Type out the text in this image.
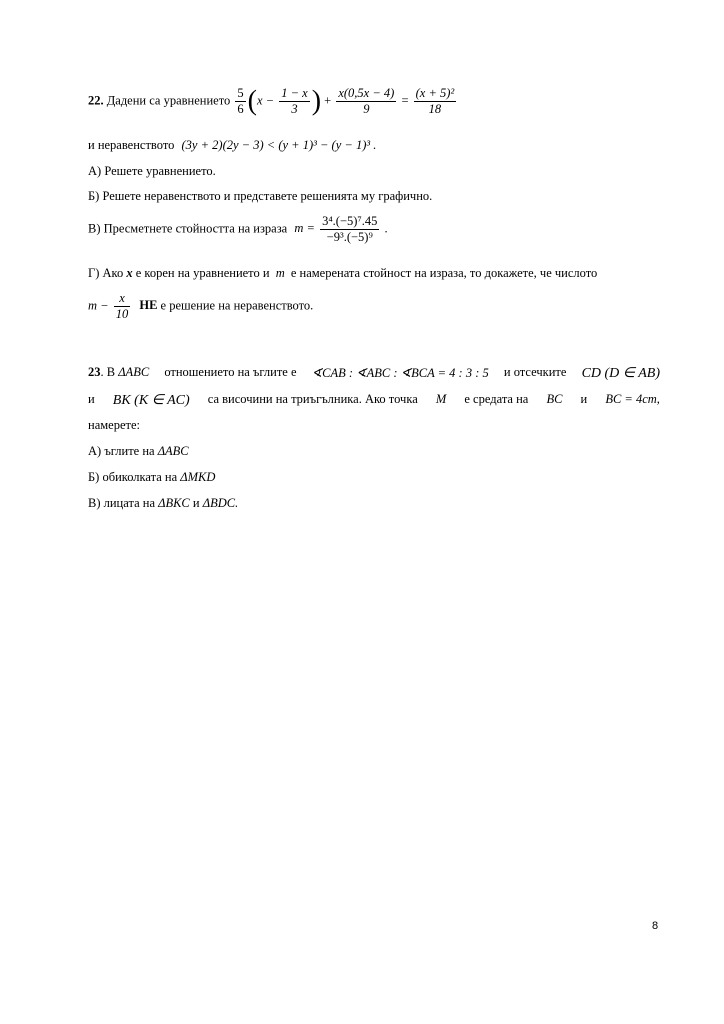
22. Дадени са уравнението $\frac{5}{6} (x - \frac{1 - x}{3}$ ) + $\frac{x(0,5x - 4)}{9} = \frac{\text{(x + 5)²}}{18}$
и неравенството (3y + 2)(2y − 3) < (y + 1)³ − (y − 1)³ .
А) Решете уравнението.
Б) Решете неравенството и представете решенията му графично.
В) Пресметнете стойността на израза $m = \frac{\text{3⁴.(−5)⁷.45}}{\text{−9³.(−5)⁹}}$ .
Г) Ако x е корен на уравнението и m е намерената стойност на израза, то докажете, че числото
$m - \frac{x}{10}$ НЕ е решение на неравенството.
23. В ΔABC отношението на ъглите е ∢CAB : ∢ABC : ∢BCA = 4 : 3 : 5 и отсечките CD (D ∈ AB)
и BK (K ∈ AC) са височини на триъгълника. Ако точка M е средата на BC и BC = 4cm,
намерете:
А) ъглите на ΔABC
Б) обиколката на ΔMKD
В) лицата на ΔBKC и ΔBDC.
8
